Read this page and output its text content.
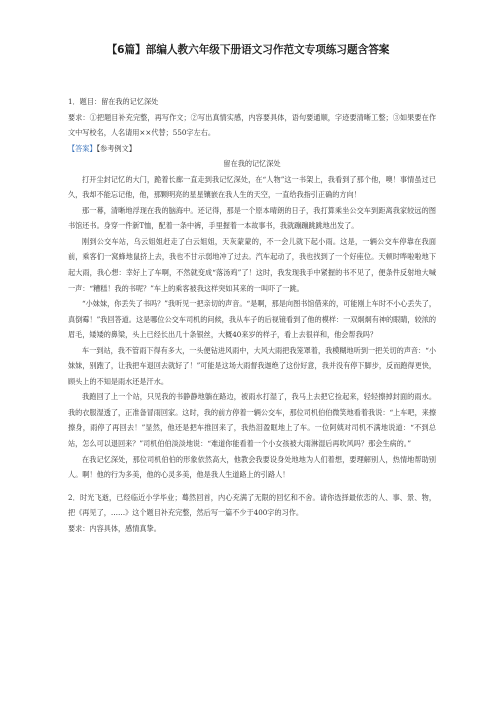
【6篇】部编人教六年级下册语文习作范文专项练习题含答案

1．题目：留在我的记忆深处

要求：①把题目补充完整，再写作文；②写出真情实感，内容要具体，语句要通顺，字迹要清晰工整；③如果要在作文中写校名，人名请用××代替；550字左右。

【答案】【参考例文】

留在我的记忆深处

打开尘封记忆的大门，跪着长廊一直走到我记忆深处，在“人物”这一书架上，我看到了那个他，噢！事情虽过已久，我却不能忘记他，他，那颗明亮的星星镶嵌在我人生的天空，一直给我指引正确的方向！

那一幕，清晰地浮现在我的脑海中。还记得，那是一个原本晴朗的日子，我打算乘坐公交车到距离我家较远的图书馆还书。身穿一件新T恤，配着一条中裤，手里握着一本故事书，我就蹦蹦跳跳地出发了。

刚到公交车站，乌云姐姐赶走了白云姐姐，天灰蒙蒙的，不一会儿就下起小雨。这是，一辆公交车停靠在我面前，乘客们一窝蜂地鼠挤上去，我也不甘示弱地冲了过去。汽车起动了，我也找到了一个好座位。天顿时哗啦啦地下起大雨，我心想：幸好上了车啊，不然就变成“落汤鸡”了！这时，我发现我手中紧握的书不见了，便条件反射地大喊一声：“糟糕！我的书呢？”车上的乘客被我这样突如其来的一叫吓了一跳。

“小妹妹，你丢失了书吗？”我听见一把亲切的声音。“是啊，那是向图书馆借来的，可能刚上车时不小心丢失了，真倒霉！”我回答道。这是哪位公交车司机的问候，我从车子的后视镜看到了他的模样：一双炯炯有神的眼睛，较浓的眉毛，矮矮的鼻梁，头上已经长出几十条银丝，大概40来岁的样子，看上去很祥和，他会帮我吗？

车一到站，我不管雨下得有多大，一头便钻进风雨中，大风大雨把我笼罩着，我模糊地听到一把关切的声音：“小妹妹，别跑了，让我把车退回去就好了！”可能是这场大雨督我迦绝了这份好意，我并没有停下脚步，反而跑得更快，顾头上的不知是雨水还是汗水。

我跑回了上一个站，只见我的书静静地躺在路边，被雨水打湿了，我马上去把它捡起来，轻轻擦掉封面的雨水。我的衣服湿透了，正准备冒雨回家。这时，我的前方停着一辆公交车，那位司机伯伯微笑地看着我说：“上车吧，来擦擦身，雨停了再回去！”显然，他还是把车推回来了，我热泪盈眶地上了车。一位阿姨对司机不满地说道：“不到总站，怎么可以退回来？”司机伯伯淡淡地说：“难道你能看着一个小女孩被大雨淋湿后再吹风吗？那会生病的。”

在我记忆深处，那位司机伯伯的形象依然高大，他教会我要设身处地地为人们着想，要理解别人，热情地帮助别人。啊！他的行为多美，他的心灵多美，他是我人生道路上的引路人！

2．时光飞逝，已经临近小学毕业；蓦然回首，内心充满了无限的回忆和不舍。请你选择最依恋的人、事、景、物，把《再见了，……》这个题目补充完整，然后写一篇不少于400字的习作。

要求：内容具体，感情真挚。
